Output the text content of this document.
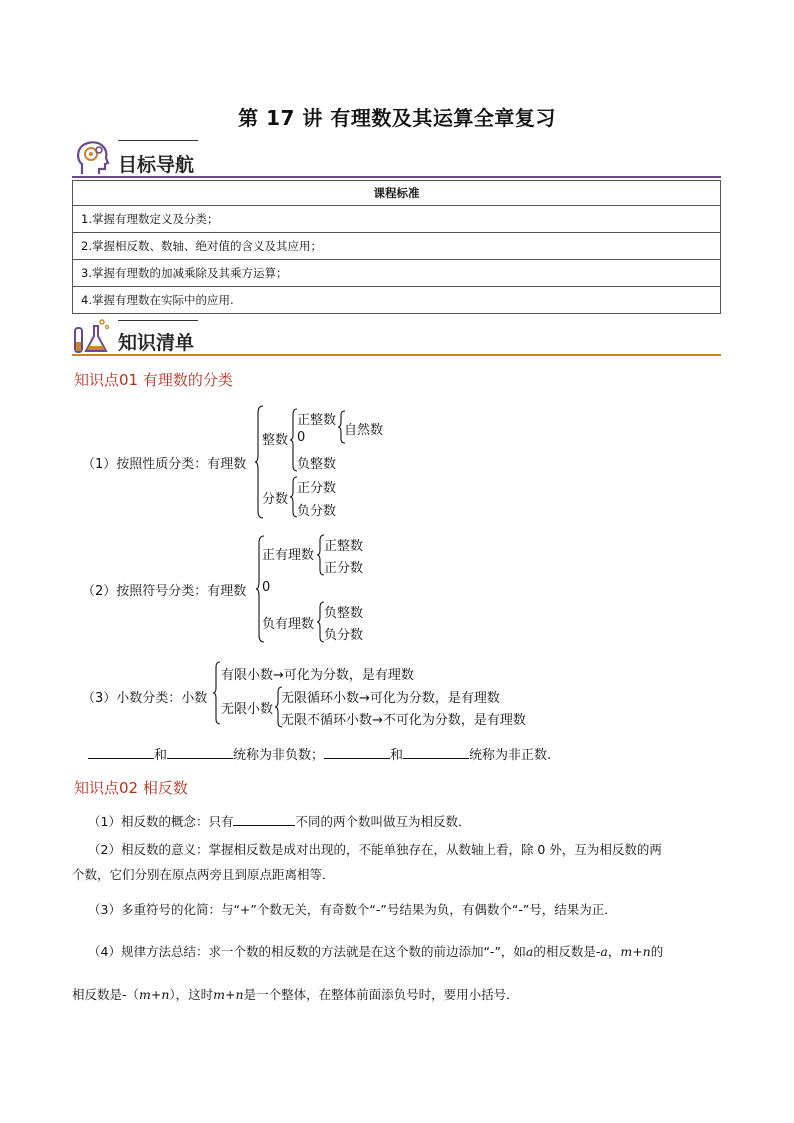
第 17 讲 有理数及其运算全章复习
目标导航
课程标准
1.掌握有理数定义及分类；
2.掌握相反数、数轴、绝对值的含义及其应用；
3.掌握有理数的加减乘除及其乘方运算；
4.掌握有理数在实际中的应用.
知识清单
知识点01 有理数的分类
（1）按照性质分类：有理数
整数
正整数
0	自然数
负整数
分数
正分数
负分数
（2）按照符号分类：有理数
正有理数
正整数
正分数
0
负有理数
负整数
负分数
（3）小数分类：小数
有限小数→可化为分数，是有理数
无限小数
无限循环小数→可化为分数，是有理数
无限不循环小数→不可化为分数，是有理数
和	统称为非负数；	和	统称为非正数.
知识点02 相反数
（1）相反数的概念：只有	不同的两个数叫做互为相反数．
（2）相反数的意义：掌握相反数是成对出现的，不能单独存在，从数轴上看，除 0 外，互为相反数的两
个数，它们分别在原点两旁且到原点距离相等．
（3）多重符号的化简：与“+”个数无关，有奇数个“-”号结果为负，有偶数个“-”号，结果为正．
（4）规律方法总结：求一个数的相反数的方法就是在这个数的前边添加“-”，如a的相反数是-a，m+n的
相反数是-（m+n），这时m+n是一个整体，在整体前面添负号时，要用小括号．
